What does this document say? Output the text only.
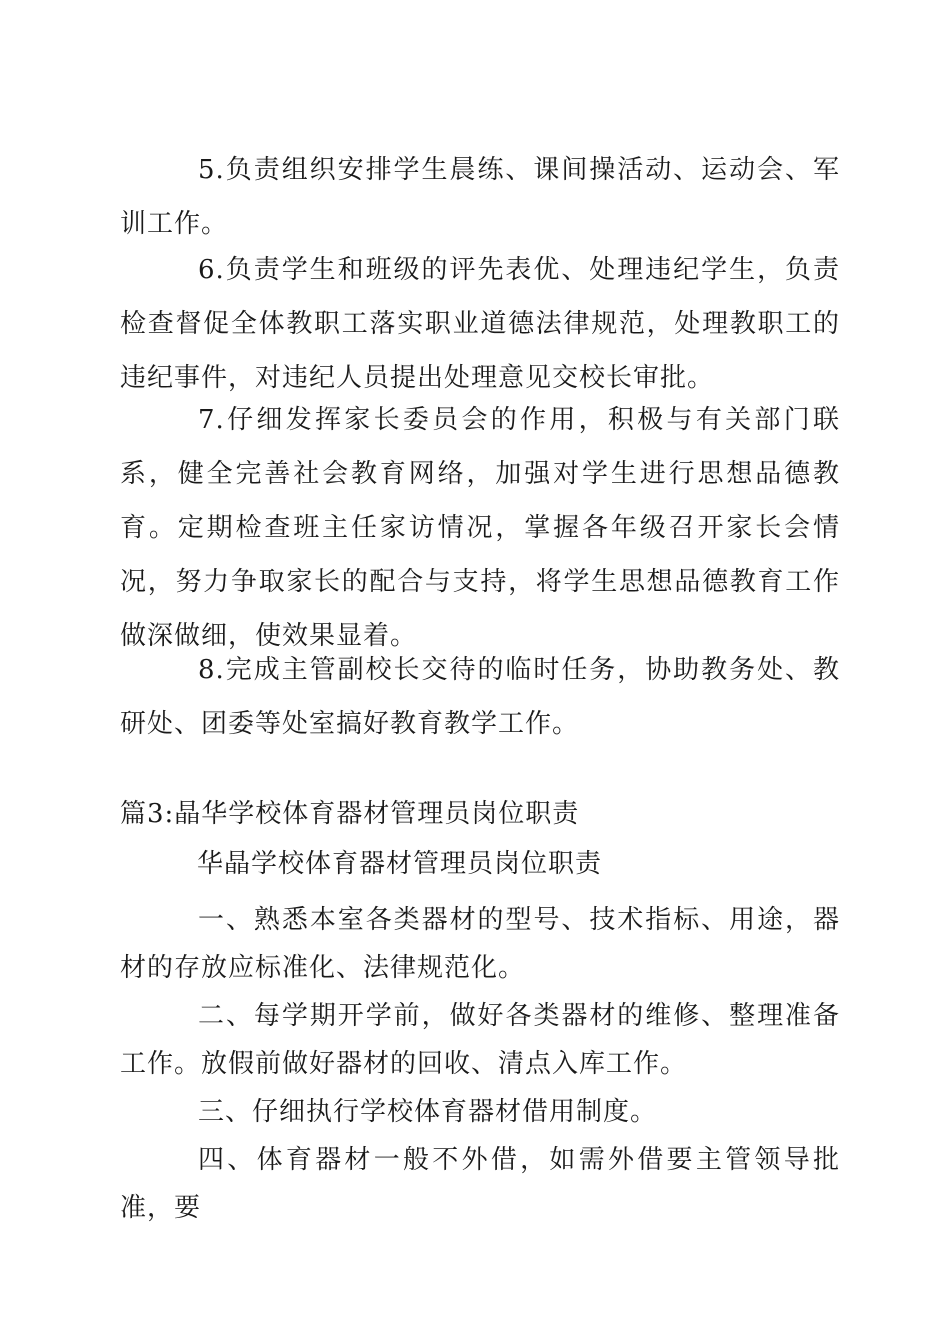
5.负责组织安排学生晨练、课间操活动、运动会、军训工作。

6.负责学生和班级的评先表优、处理违纪学生，负责检查督促全体教职工落实职业道德法律规范，处理教职工的违纪事件，对违纪人员提出处理意见交校长审批。

7.仔细发挥家长委员会的作用，积极与有关部门联系，健全完善社会教育网络，加强对学生进行思想品德教育。定期检查班主任家访情况，掌握各年级召开家长会情况，努力争取家长的配合与支持，将学生思想品德教育工作做深做细，使效果显着。

8.完成主管副校长交待的临时任务，协助教务处、教研处、团委等处室搞好教育教学工作。

篇3:晶华学校体育器材管理员岗位职责

华晶学校体育器材管理员岗位职责

一、熟悉本室各类器材的型号、技术指标、用途，器材的存放应标准化、法律规范化。

二、每学期开学前，做好各类器材的维修、整理准备工作。放假前做好器材的回收、清点入库工作。

三、仔细执行学校体育器材借用制度。

四、体育器材一般不外借，如需外借要主管领导批准，要
